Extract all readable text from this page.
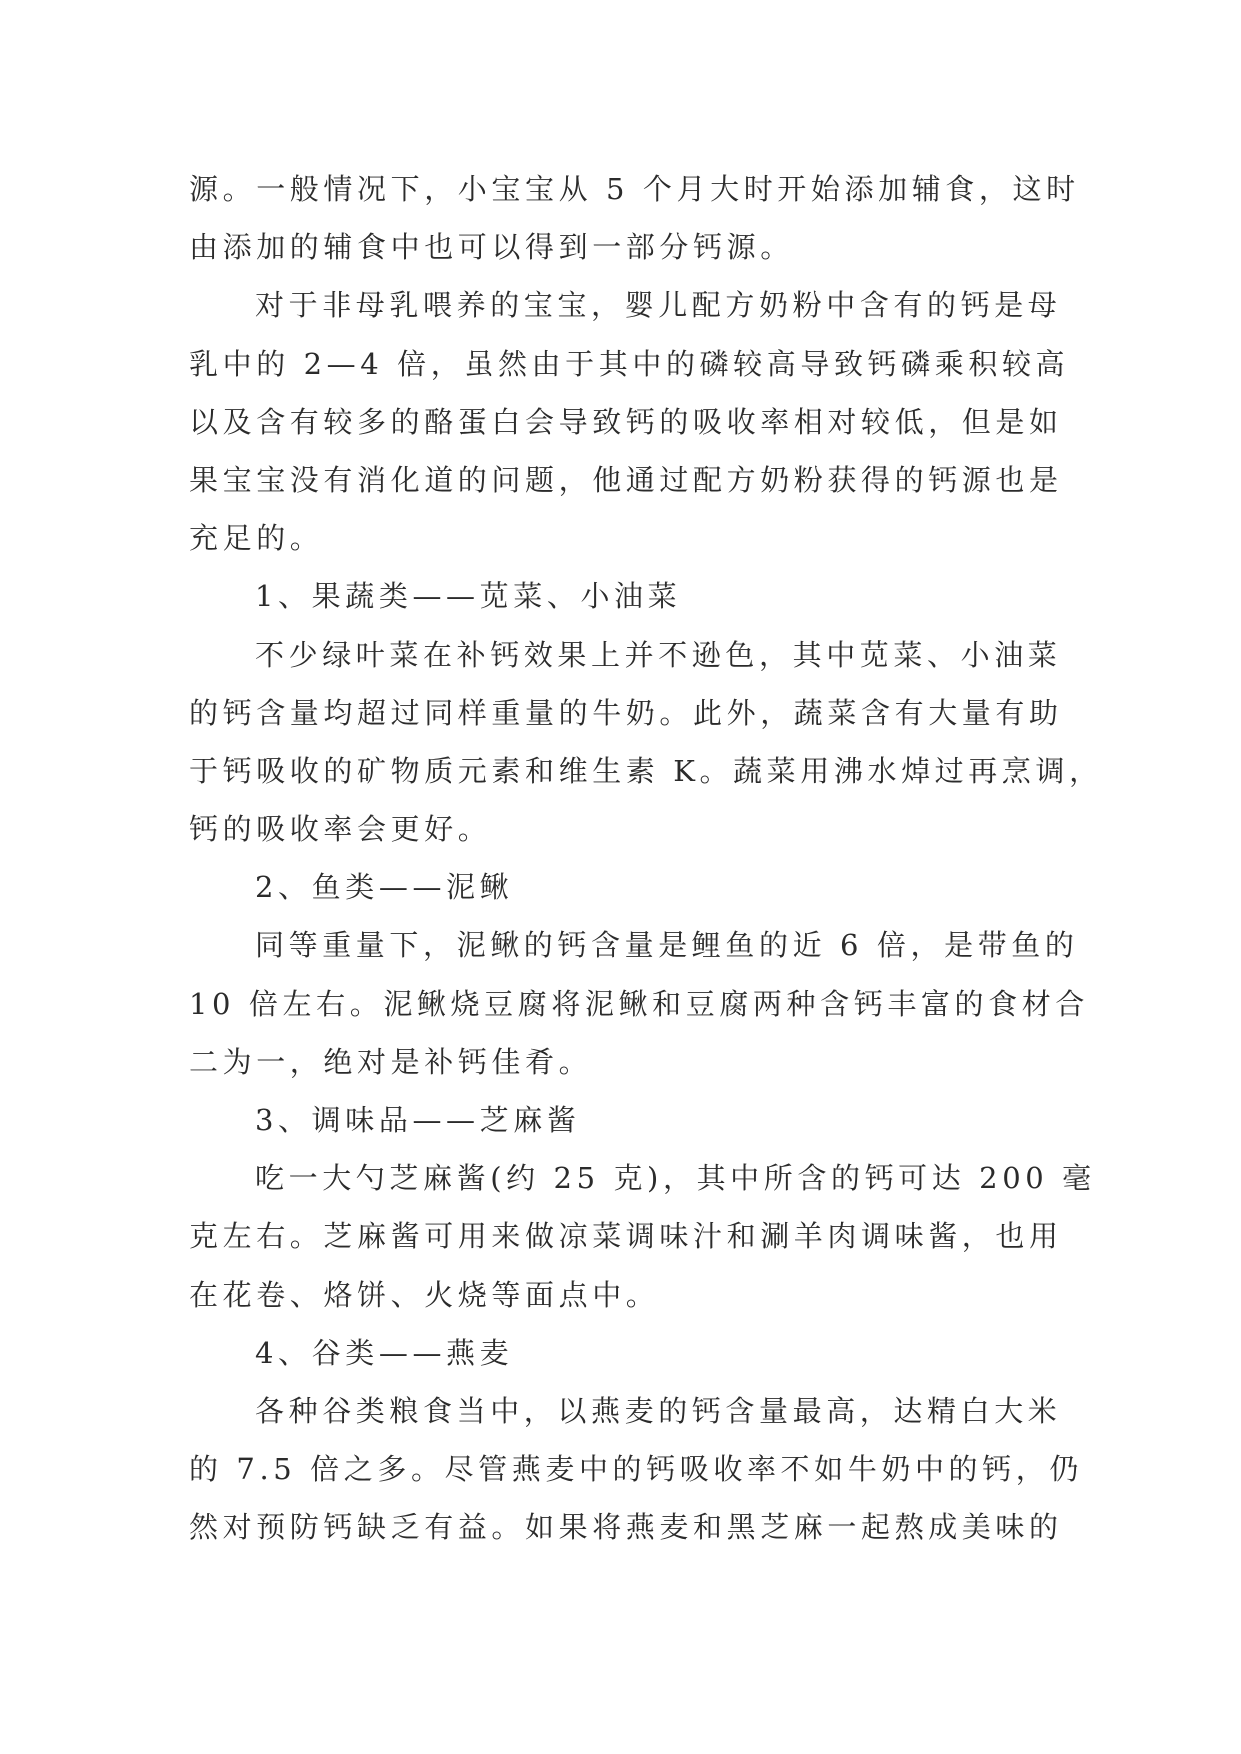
源。一般情况下，小宝宝从 5 个月大时开始添加辅食，这时
由添加的辅食中也可以得到一部分钙源。
对于非母乳喂养的宝宝，婴儿配方奶粉中含有的钙是母
乳中的 2—4 倍，虽然由于其中的磷较高导致钙磷乘积较高
以及含有较多的酪蛋白会导致钙的吸收率相对较低，但是如
果宝宝没有消化道的问题，他通过配方奶粉获得的钙源也是
充足的。
1、果蔬类——苋菜、小油菜
不少绿叶菜在补钙效果上并不逊色，其中苋菜、小油菜
的钙含量均超过同样重量的牛奶。此外，蔬菜含有大量有助
于钙吸收的矿物质元素和维生素 K。蔬菜用沸水焯过再烹调，
钙的吸收率会更好。
2、鱼类——泥鳅
同等重量下，泥鳅的钙含量是鲤鱼的近 6 倍，是带鱼的
10 倍左右。泥鳅烧豆腐将泥鳅和豆腐两种含钙丰富的食材合
二为一，绝对是补钙佳肴。
3、调味品——芝麻酱
吃一大勺芝麻酱(约 25 克)，其中所含的钙可达 200 毫
克左右。芝麻酱可用来做凉菜调味汁和涮羊肉调味酱，也用
在花卷、烙饼、火烧等面点中。
4、谷类——燕麦
各种谷类粮食当中，以燕麦的钙含量最高，达精白大米
的 7.5 倍之多。尽管燕麦中的钙吸收率不如牛奶中的钙，仍
然对预防钙缺乏有益。如果将燕麦和黑芝麻一起熬成美味的
